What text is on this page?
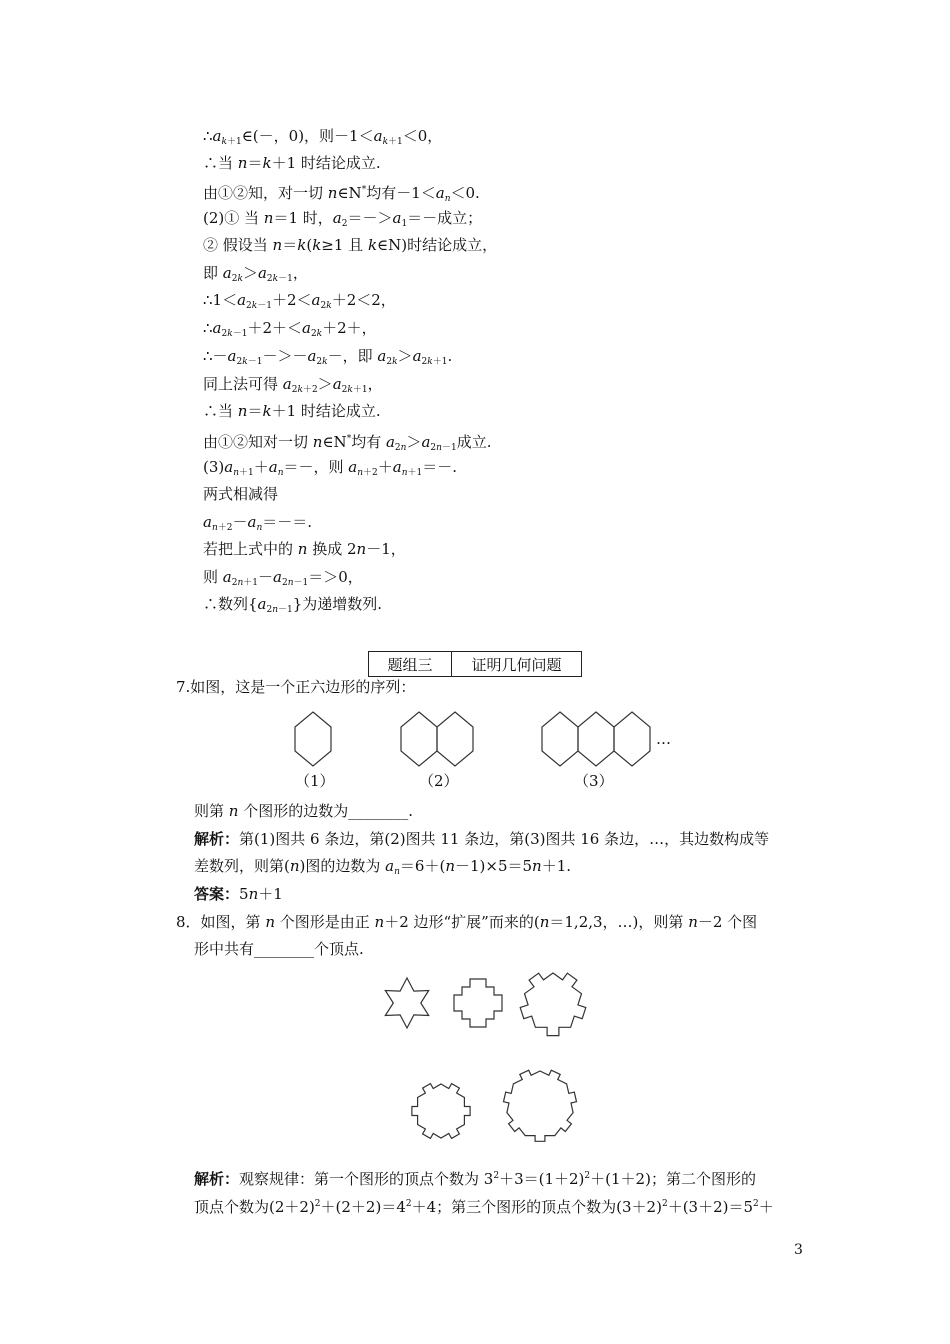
$\therefore a_{k+1}\in(-$，0)，则$-1<a_{k+1}<0$，
∴当 n＝k＋1 时结论成立.
由①②知，对一切 n∈N*均有$-1<a_n<0$.
(2)① 当 n＝1 时，$a_2=->a_1=-$成立；
② 假设当 n＝k(k≥1 且 k∈N)时结论成立，
即 $a_{2k}>a_{2k-1}$，
$\therefore 1<a_{2k-1}+2<a_{2k}+2<2$，
$\therefore a_{2k-1}+2+<a_{2k}+2+$，
$\therefore-a_{2k-1}->-a_{2k}-$，即 $a_{2k}>a_{2k+1}$.
同上法可得 $a_{2k+2}>a_{2k+1}$，
∴当 n＝k＋1 时结论成立.
由①②知对一切 n∈N*均有 $a_{2n}>a_{2n-1}$成立.
$(3)a_{n+1}+a_n=-$，则 $a_{n+2}+a_{n+1}=-$.
两式相减得
$a_{n+2}-a_n=-=$.
若把上式中的 n 换成 2n－1，
则 $a_{2n+1}-a_{2n-1}=>0$，
∴数列$\{a_{2n-1}\}$为递增数列.
题组三	证明几何问题
7.如图，这是一个正六边形的序列：
…
（1）	（2）	（3）
则第 n 个图形的边数为________.
解析：第(1)图共 6 条边，第(2)图共 11 条边，第(3)图共 16 条边，…，其边数构成等
差数列，则第(n)图的边数为 $a_n=6+(n-1)\times 5=5n+1$.
答案：5n＋1
8．如图，第 n 个图形是由正 n＋2 边形“扩展”而来的(n＝1,2,3，…)，则第 n－2 个图
形中共有________个顶点.
解析：观察规律：第一个图形的顶点个数为 $3^2+3=(1+2)^2+(1+2)$；第二个图形的
顶点个数为$(2+2)^2+(2+2)=4^2+4$；第三个图形的顶点个数为$(3+2)^2+(3+2)=5^2+$
3
